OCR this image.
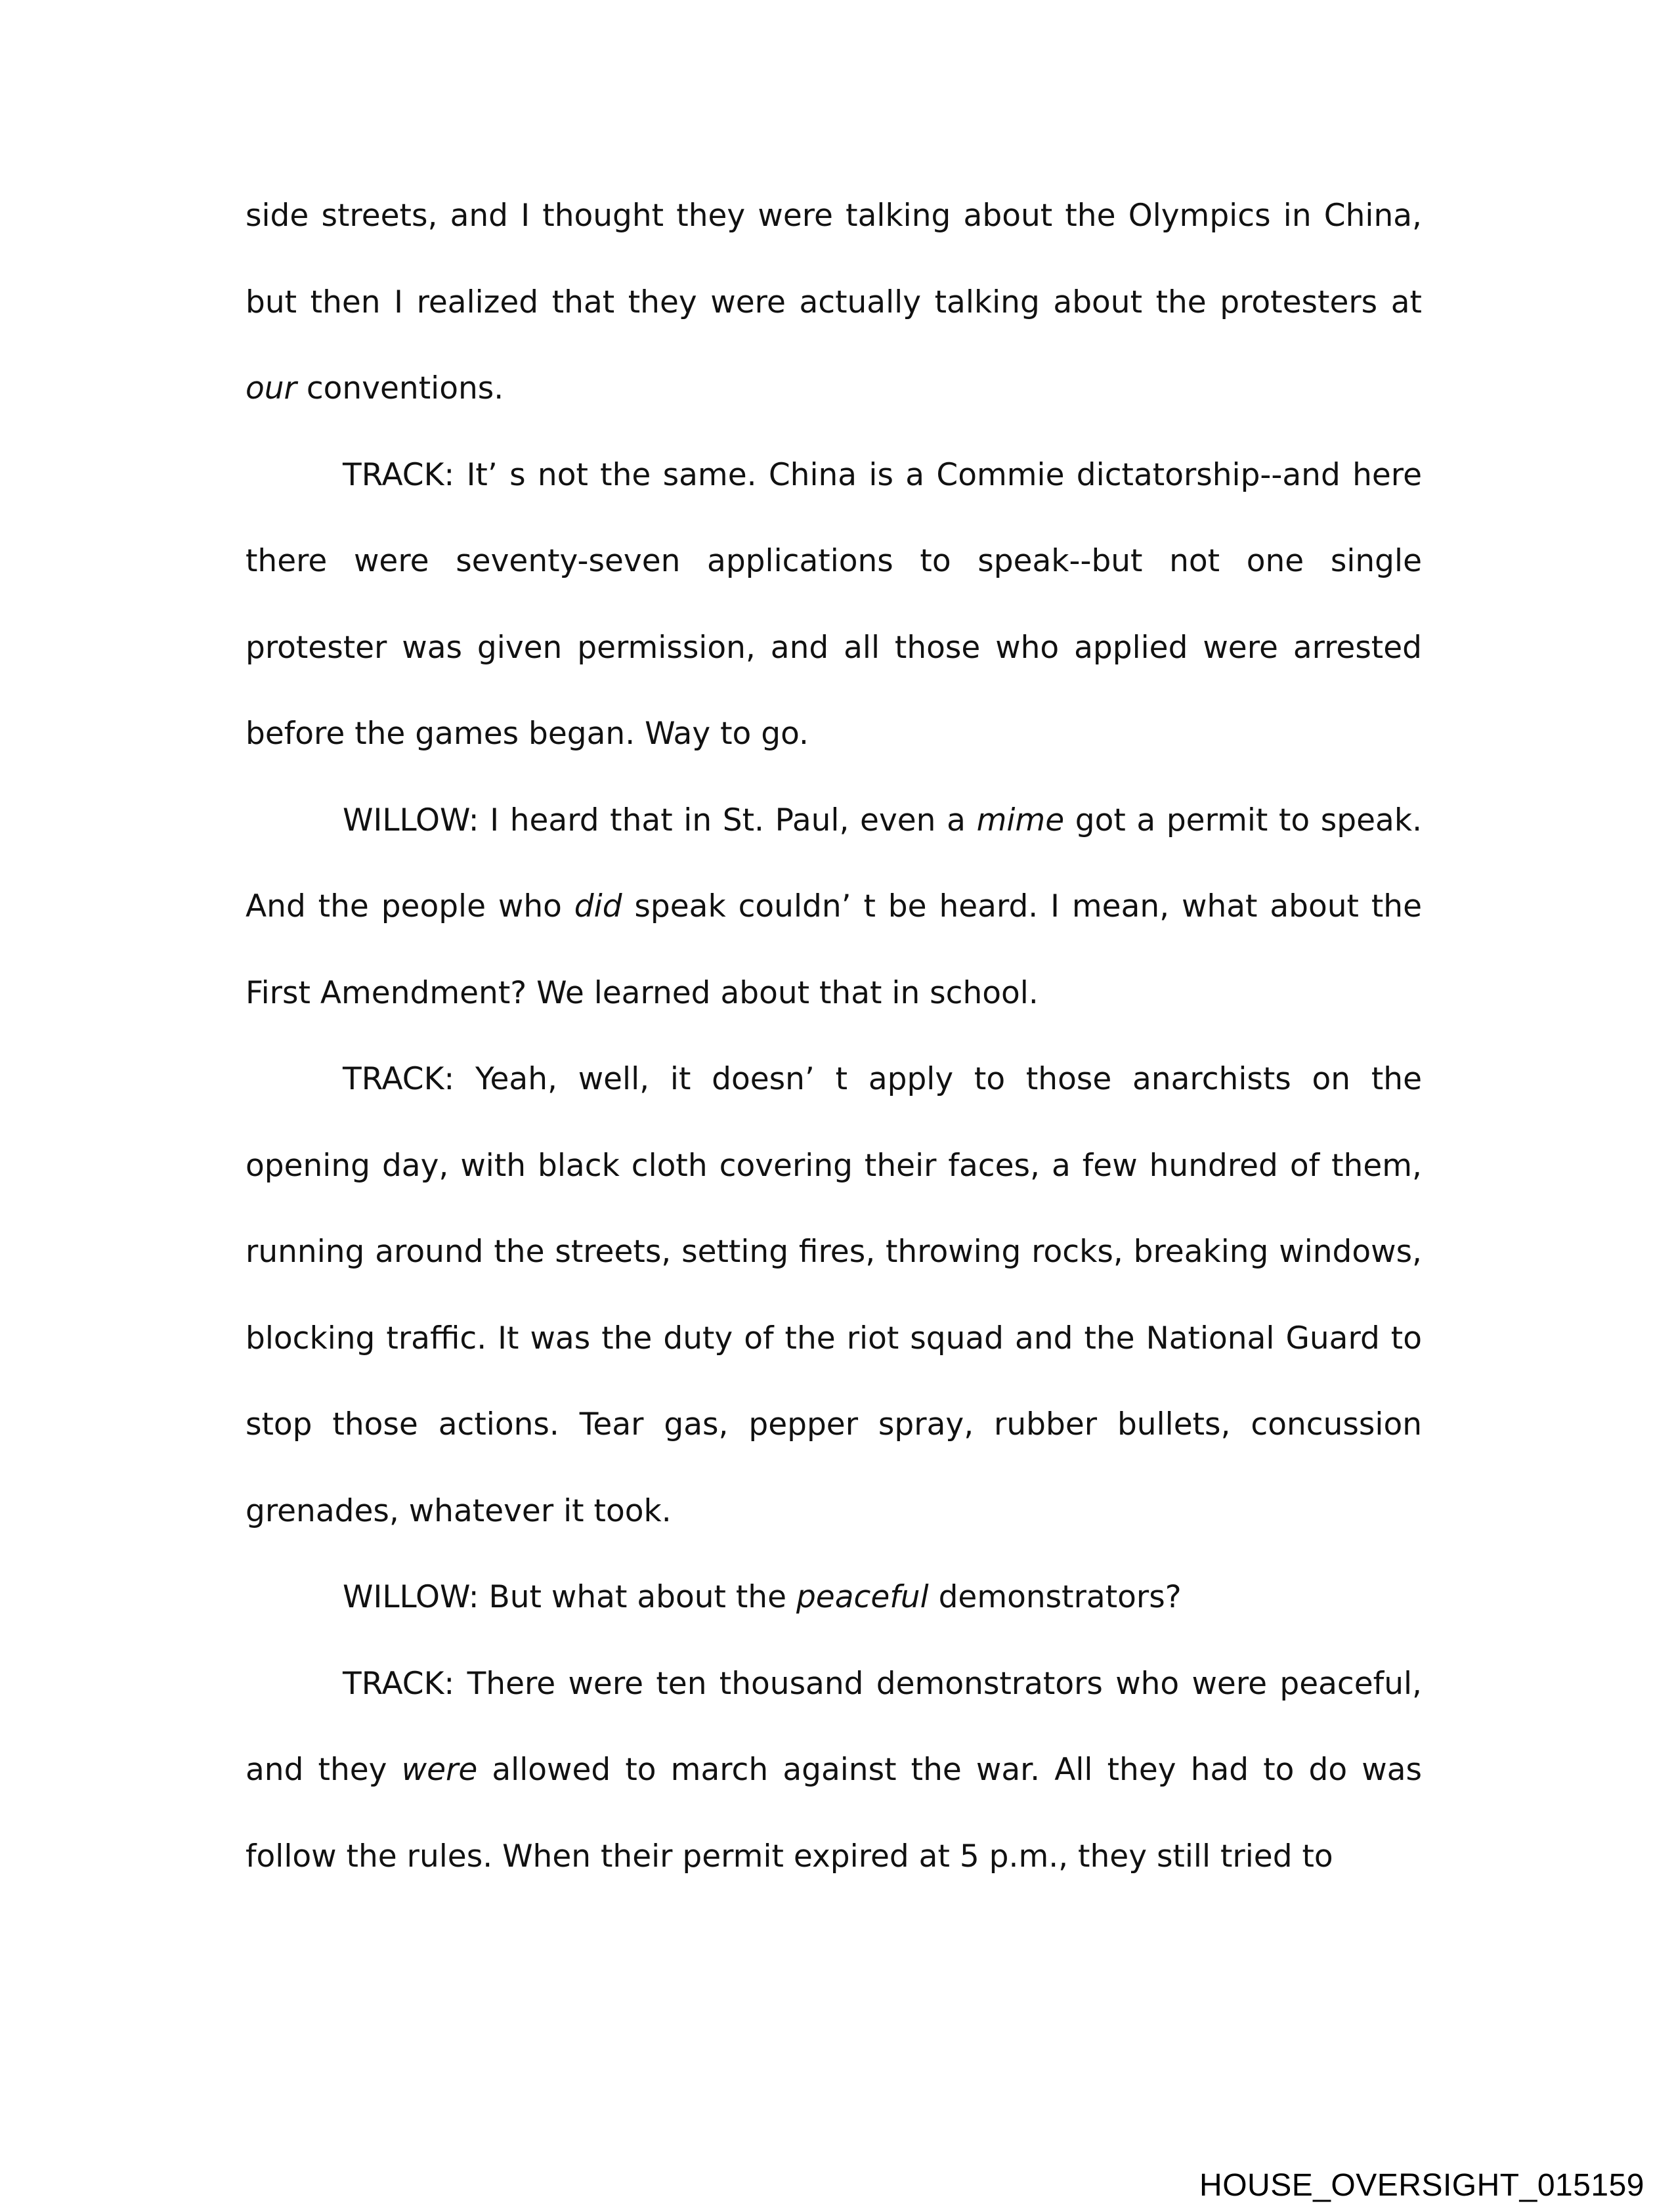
side streets, and I thought they were talking about the Olympics in China, but then I realized that they were actually talking about the protesters at our conventions.

TRACK: It’ s not the same. China is a Commie dictatorship--and here there were seventy-seven applications to speak--but not one single protester was given permission, and all those who applied were arrested before the games began. Way to go.

WILLOW: I heard that in St. Paul, even a mime got a permit to speak. And the people who did speak couldn’ t be heard. I mean, what about the First Amendment? We learned about that in school.

TRACK: Yeah, well, it doesn’ t apply to those anarchists on the opening day, with black cloth covering their faces, a few hundred of them, running around the streets, setting fires, throwing rocks, breaking windows, blocking traffic. It was the duty of the riot squad and the National Guard to stop those actions. Tear gas, pepper spray, rubber bullets, concussion grenades, whatever it took.

WILLOW: But what about the peaceful demonstrators?

TRACK: There were ten thousand demonstrators who were peaceful, and they were allowed to march against the war. All they had to do was follow the rules. When their permit expired at 5 p.m., they still tried to

HOUSE_OVERSIGHT_015159
